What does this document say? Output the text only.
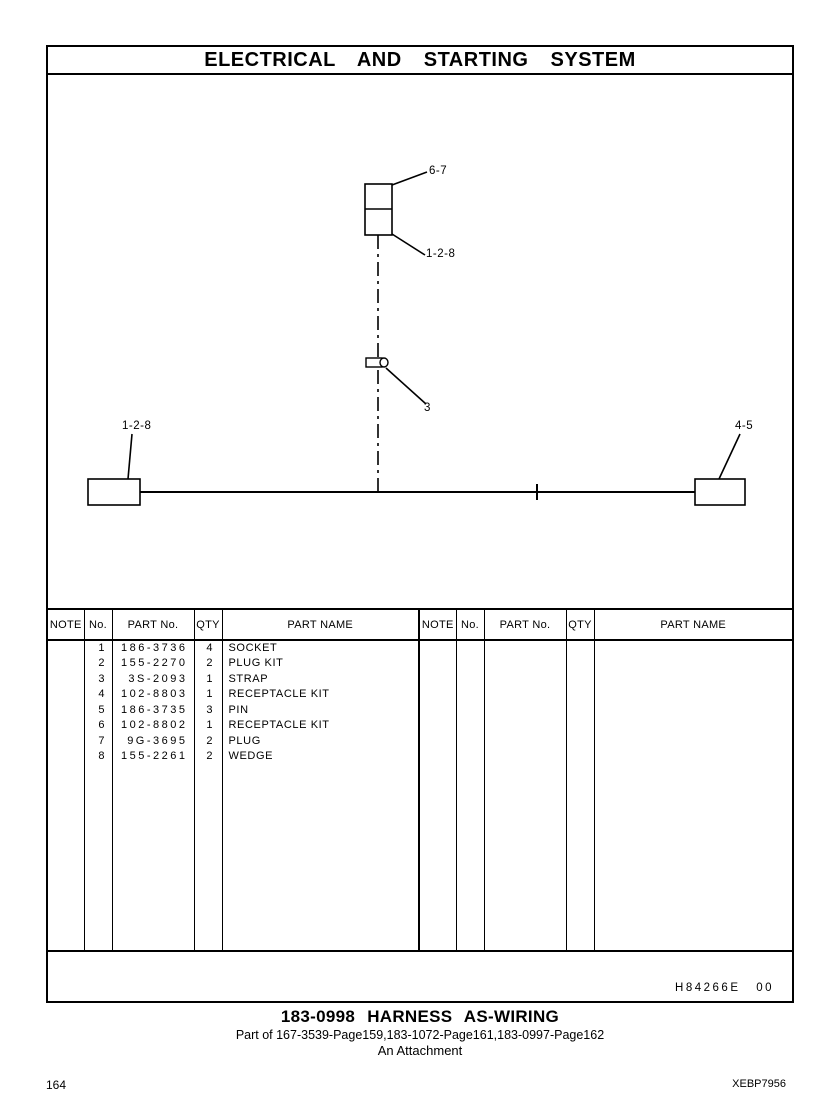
ELECTRICAL AND STARTING SYSTEM
6-7
1-2-8
3
1-2-8	4-5
NOTE	No.	PART No.	QTY	PART NAME
	1	186-3736	4	SOCKET
	2	155-2270	2	PLUG KIT
	3	3S-2093	1	STRAP
	4	102-8803	1	RECEPTACLE KIT
	5	186-3735	3	PIN
	6	102-8802	1	RECEPTACLE KIT
	7	9G-3695	2	PLUG
	8	155-2261	2	WEDGE

NOTE	No.	PART No.	QTY	PART NAME

H84266E 00
183-0998 HARNESS AS-WIRING
Part of 167-3539-Page159,183-1072-Page161,183-0997-Page162
An Attachment
164	XEBP7956
